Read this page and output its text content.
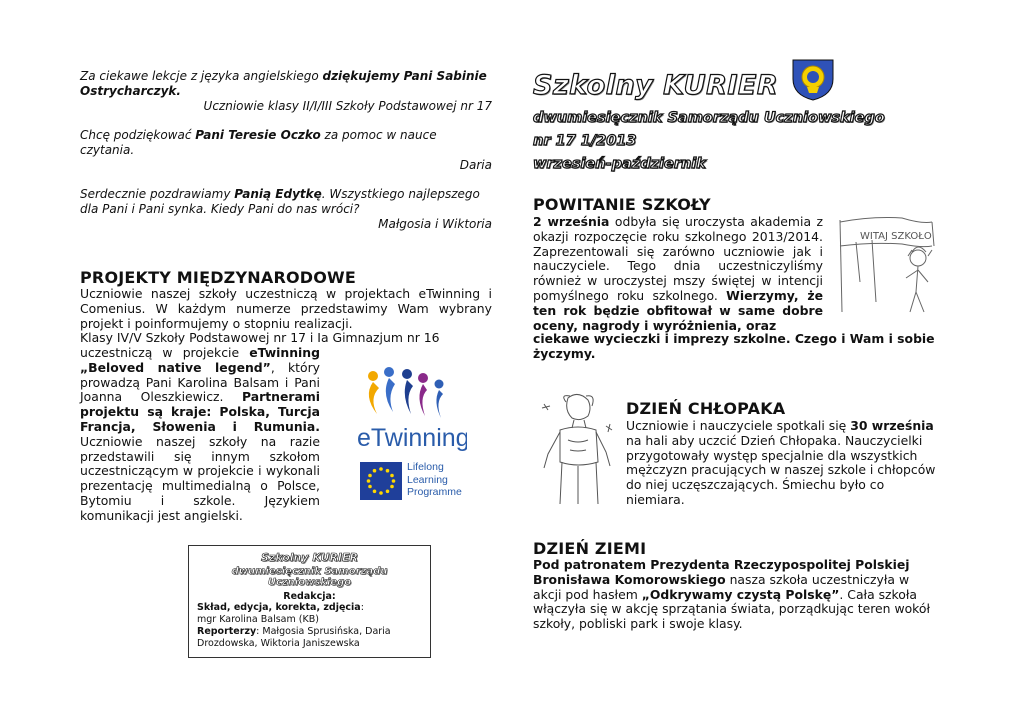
Za ciekawe lekcje z języka angielskiego dziękujemy Pani Sabinie Ostrycharczyk.

Uczniowie klasy II/I/III Szkoły Podstawowej nr 17

Chcę podziękować Pani Teresie Oczko za pomoc w nauce czytania.

Daria

Serdecznie pozdrawiamy Panią Edytkę. Wszystkiego najlepszego dla Pani i Pani synka. Kiedy Pani do nas wróci?

Małgosia i Wiktoria

PROJEKTY MIĘDZYNARODOWE

Uczniowie naszej szkoły uczestniczą w projektach eTwinning i Comenius. W każdym numerze przedstawimy Wam wybrany projekt i poinformujemy o stopniu realizacji.

Klasy IV/V Szkoły Podstawowej nr 17 i Ia Gimnazjum nr 16

uczestniczą w projekcie eTwinning „Beloved native legend”, który prowadzą Pani Karolina Balsam i Pani Joanna Oleszkiewicz. Partnerami projektu są kraje: Polska, Turcja Francja, Słowenia i Rumunia. Uczniowie naszej szkoły na razie przedstawili się innym szkołom uczestniczącym w projekcie i wykonali prezentację multimedialną o Polsce, Bytomiu i szkole. Językiem komunikacji jest angielski.

eTwinning
Lifelong Learning Programme
Szkolny KURIER
dwumiesięcznik Samorządu Uczniowskiego
Redakcja:
Skład, edycja, korekta, zdjęcia:
mgr Karolina Balsam (KB)
Reporterzy: Małgosia Sprusińska, Daria Drozdowska, Wiktoria Janiszewska
Szkolny KURIER
dwumiesięcznik Samorządu Uczniowskiego
nr 17 1/2013
wrzesień-październik
POWITANIE SZKOŁY
2 września odbyła się uroczysta akademia z okazji rozpoczęcie roku szkolnego 2013/2014. Zaprezentowali się zarówno uczniowie jak i nauczyciele. Tego dnia uczestniczyliśmy również w uroczystej mszy świętej w intencji pomyślnego roku szkolnego. Wierzymy, że ten rok będzie obfitował w same dobre oceny, nagrody i wyróżnienia, oraz
ciekawe wycieczki i imprezy szkolne. Czego i Wam i sobie życzymy.
WITAJ SZKOŁO
DZIEŃ CHŁOPAKA
Uczniowie i nauczyciele spotkali się 30 września na hali aby uczcić Dzień Chłopaka. Nauczycielki przygotowały występ specjalnie dla wszystkich mężczyzn pracujących w naszej szkole i chłopców do niej uczęszczających. Śmiechu było co niemiara.
DZIEŃ ZIEMI
Pod patronatem Prezydenta Rzeczypospolitej Polskiej Bronisława Komorowskiego nasza szkoła uczestniczyła w akcji pod hasłem „Odkrywamy czystą Polskę”. Cała szkoła włączyła się w akcję sprzątania świata, porządkując teren wokół szkoły, pobliski park i swoje klasy.
